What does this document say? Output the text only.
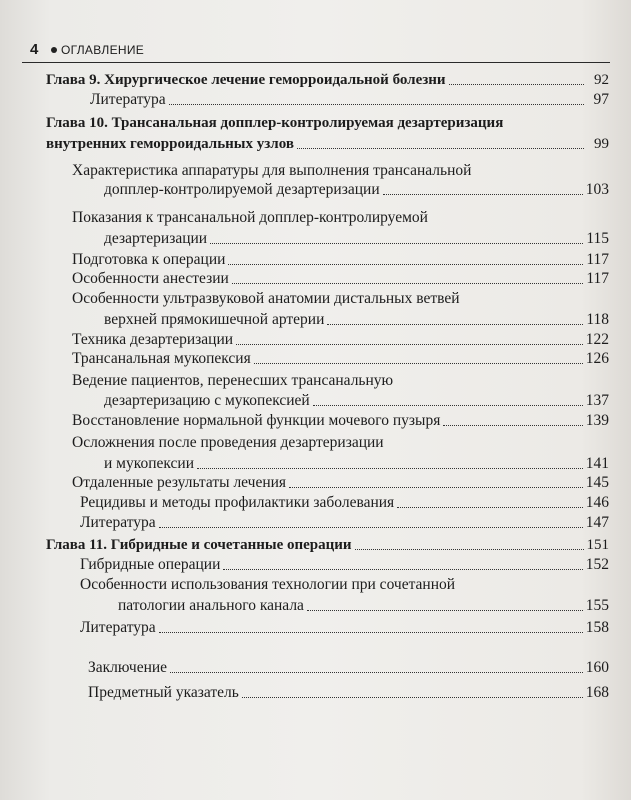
4 ОГЛАВЛЕНИЕ
Глава 9. Хирургическое лечение геморроидальной болезни	92
Литература	97
Глава 10. Трансанальная допплер-контролируемая дезартеризация
внутренних геморроидальных узлов	99
Характеристика аппаратуры для выполнения трансанальной
допплер-контролируемой дезартеризации	103
Показания к трансанальной допплер-контролируемой
дезартеризации	115
Подготовка к операции	117
Особенности анестезии	117
Особенности ультразвуковой анатомии дистальных ветвей
верхней прямокишечной артерии	118
Техника дезартеризации	122
Трансанальная мукопексия	126
Ведение пациентов, перенесших трансанальную
дезартеризацию с мукопексией	137
Восстановление нормальной функции мочевого пузыря	139
Осложнения после проведения дезартеризации
и мукопексии	141
Отдаленные результаты лечения	145
Рецидивы и методы профилактики заболевания	146
Литература	147
Глава 11. Гибридные и сочетанные операции	151
Гибридные операции	152
Особенности использования технологии при сочетанной
патологии анального канала	155
Литература	158
Заключение	160
Предметный указатель	168
